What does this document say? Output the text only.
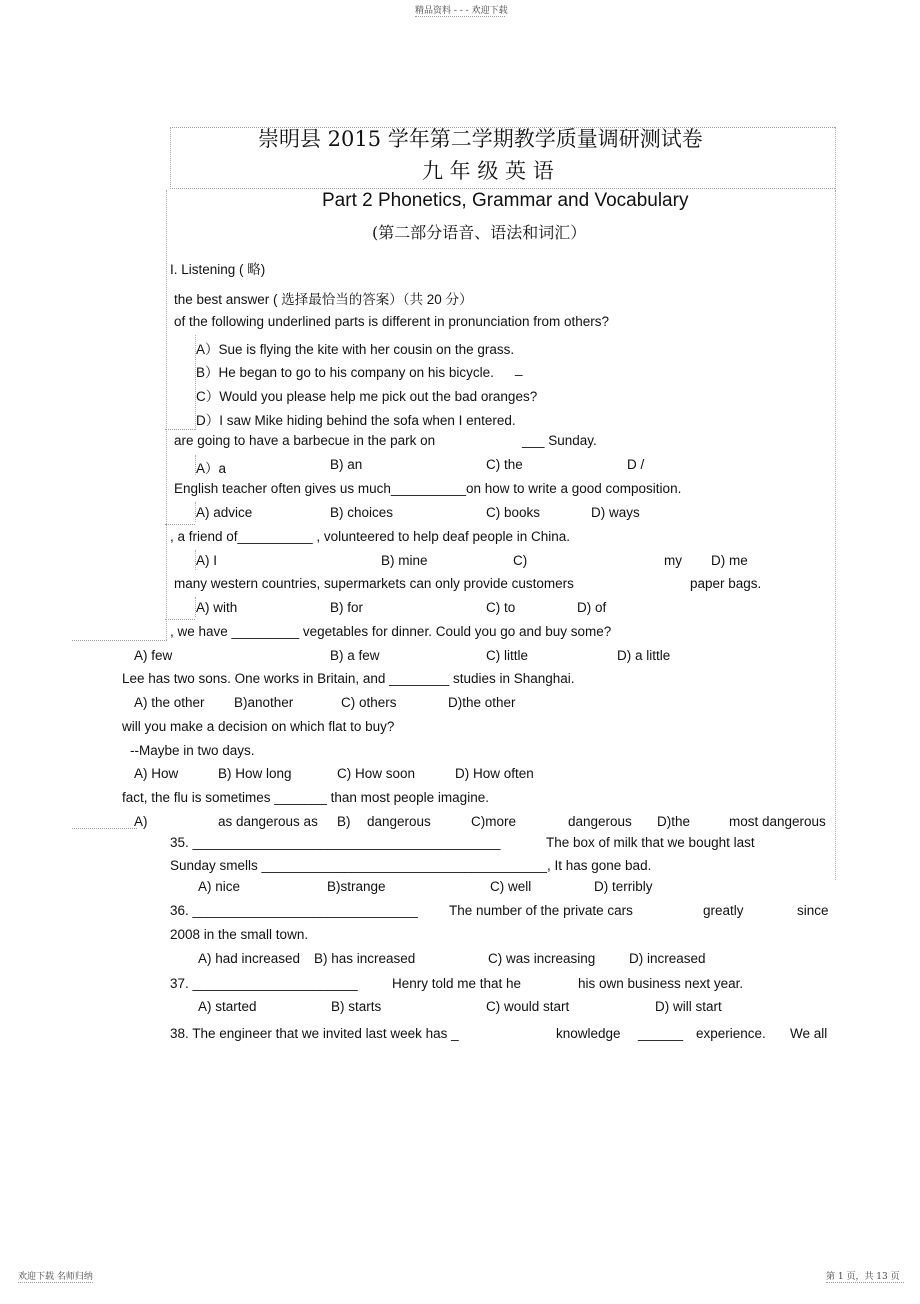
精品资料 - - - 欢迎下载
崇明县 2015 学年第二学期教学质量调研测试卷
九 年 级 英 语
Part 2 Phonetics, Grammar and Vocabulary
(第二部分语音、语法和词汇）
I. Listening ( 略)
the best answer ( 选择最恰当的答案）（共 20 分）
of the following underlined parts is different in pronunciation from others?
A）Sue is flying the kite with her cousin on the grass.
B）He began to go to his company on his bicycle. _
C）Would you please help me pick out the bad oranges?
D）I saw Mike hiding behind the sofa when I entered.
are going to have a barbecue in the park on	___ Sunday.
A）a	B) an	C) the	D /
English teacher often gives us much__________on how to write a good composition.
A) advice	B) choices	C) books	D) ways
, a friend of__________ , volunteered to help deaf people in China.
A) I	B) mine	C)	my D) me
many western countries, supermarkets can only provide customers	paper bags.
A) with	B) for	C) to	D) of
, we have _________ vegetables for dinner. Could you go and buy some?
A) few	B) a few	C) little	D) a little
Lee has two sons. One works in Britain, and ________ studies in Shanghai.
A) the other B)another	C) others	D)the other
will you make a decision on which flat to buy?
--Maybe in two days.
A) How	B) How long	C) How soon	D) How often
fact, the flu is sometimes _______ than most people imagine.
A)	as dangerous as B) dangerous	C)more	dangerous D)the	most dangerous
35. _________________________________________	The box of milk that we bought last
Sunday smells ______________________________________ , It has gone bad.
A) nice	B)strange	C) well	D) terribly
36. ______________________________ The number of the private cars	greatly	since
2008 in the small town.
A) had increased B) has increased	C) was increasing D) increased
37. ______________________	Henry told me that he	his own business next year.
A) started	B) starts	C) would start	D) will start
38. The engineer that we invited last week has _	knowledge ______ experience. We all
欢迎下载 名师归纳	第 1 页，共 13 页
